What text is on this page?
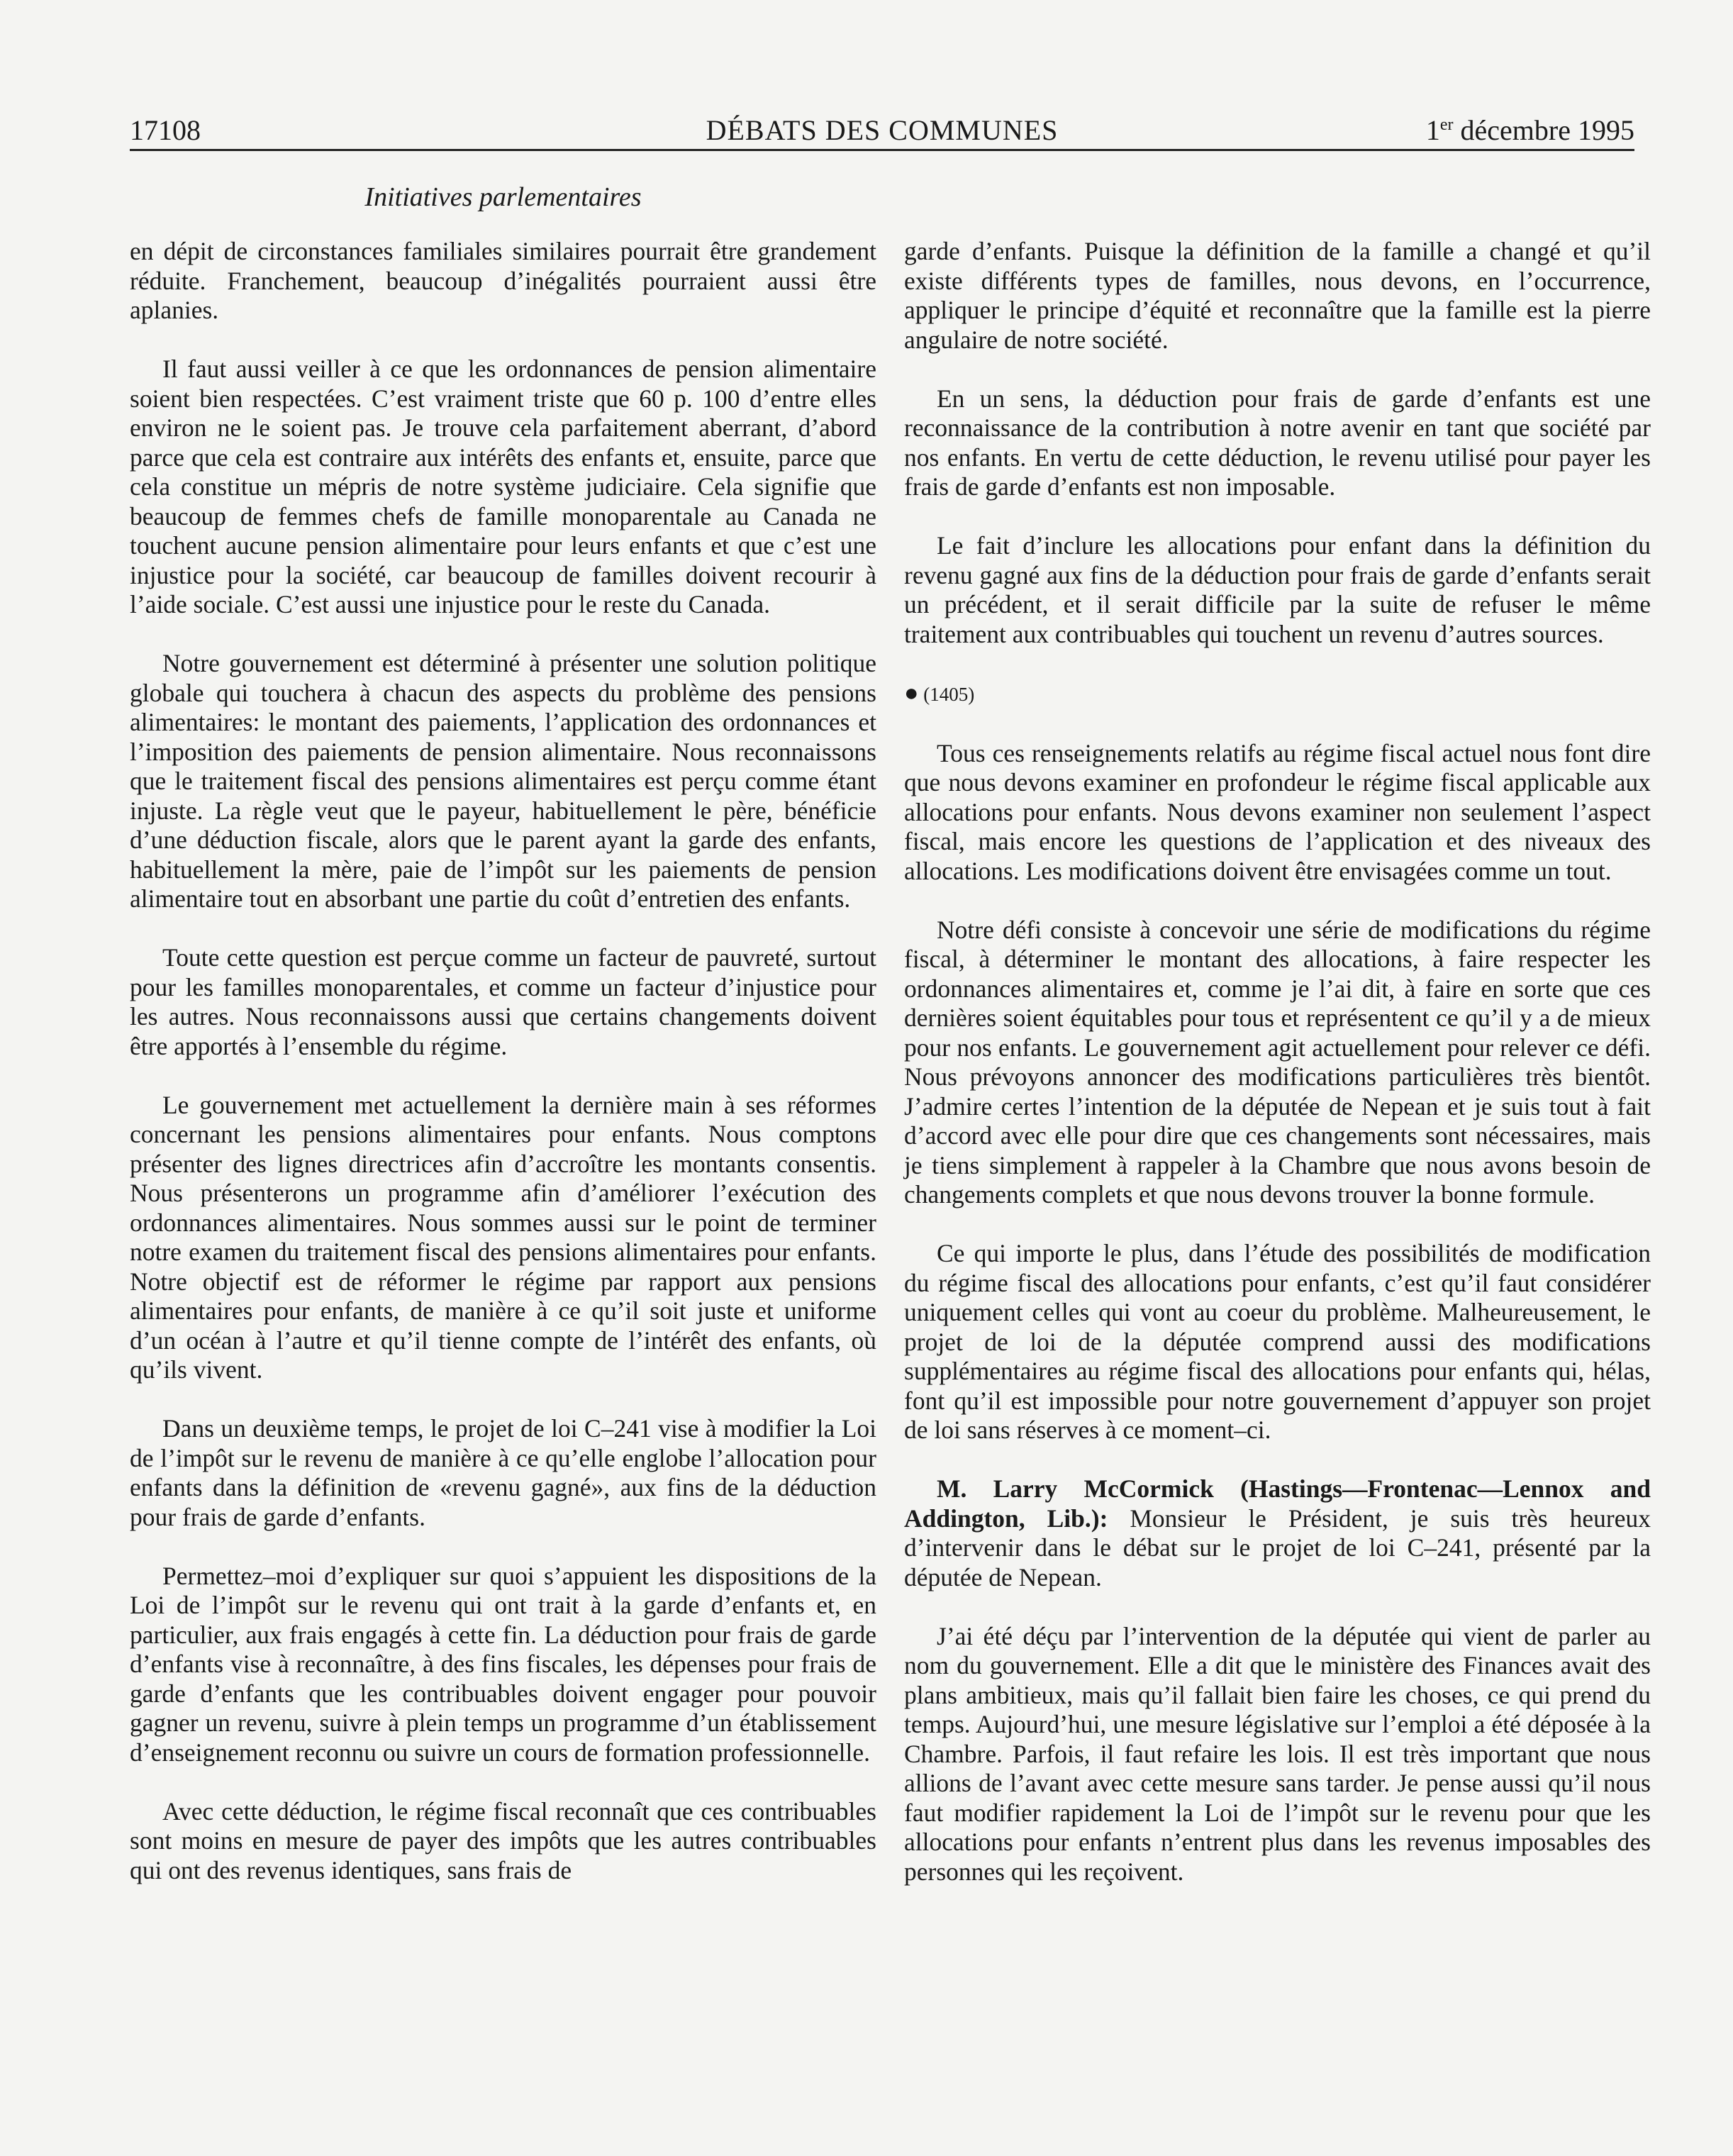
17108	DÉBATS DES COMMUNES	1er décembre 1995
Initiatives parlementaires

en dépit de circonstances familiales similaires pourrait être grandement réduite. Franchement, beaucoup d’inégalités pourraient aussi être aplanies.

Il faut aussi veiller à ce que les ordonnances de pension alimentaire soient bien respectées. C’est vraiment triste que 60 p. 100 d’entre elles environ ne le soient pas. Je trouve cela parfaitement aberrant, d’abord parce que cela est contraire aux intérêts des enfants et, ensuite, parce que cela constitue un mépris de notre système judiciaire. Cela signifie que beaucoup de femmes chefs de famille monoparentale au Canada ne touchent aucune pension alimentaire pour leurs enfants et que c’est une injustice pour la société, car beaucoup de familles doivent recourir à l’aide sociale. C’est aussi une injustice pour le reste du Canada.

Notre gouvernement est déterminé à présenter une solution politique globale qui touchera à chacun des aspects du problème des pensions alimentaires: le montant des paiements, l’application des ordonnances et l’imposition des paiements de pension alimentaire. Nous reconnaissons que le traitement fiscal des pensions alimentaires est perçu comme étant injuste. La règle veut que le payeur, habituellement le père, bénéficie d’une déduction fiscale, alors que le parent ayant la garde des enfants, habituellement la mère, paie de l’impôt sur les paiements de pension alimentaire tout en absorbant une partie du coût d’entretien des enfants.

Toute cette question est perçue comme un facteur de pauvreté, surtout pour les familles monoparentales, et comme un facteur d’injustice pour les autres. Nous reconnaissons aussi que certains changements doivent être apportés à l’ensemble du régime.

Le gouvernement met actuellement la dernière main à ses réformes concernant les pensions alimentaires pour enfants. Nous comptons présenter des lignes directrices afin d’accroître les montants consentis. Nous présenterons un programme afin d’améliorer l’exécution des ordonnances alimentaires. Nous sommes aussi sur le point de terminer notre examen du traitement fiscal des pensions alimentaires pour enfants. Notre objectif est de réformer le régime par rapport aux pensions alimentaires pour enfants, de manière à ce qu’il soit juste et uniforme d’un océan à l’autre et qu’il tienne compte de l’intérêt des enfants, où qu’ils vivent.

Dans un deuxième temps, le projet de loi C–241 vise à modifier la Loi de l’impôt sur le revenu de manière à ce qu’elle englobe l’allocation pour enfants dans la définition de «revenu gagné», aux fins de la déduction pour frais de garde d’enfants.

Permettez–moi d’expliquer sur quoi s’appuient les dispositions de la Loi de l’impôt sur le revenu qui ont trait à la garde d’enfants et, en particulier, aux frais engagés à cette fin. La déduction pour frais de garde d’enfants vise à reconnaître, à des fins fiscales, les dépenses pour frais de garde d’enfants que les contribuables doivent engager pour pouvoir gagner un revenu, suivre à plein temps un programme d’un établissement d’enseignement reconnu ou suivre un cours de formation professionnelle.

Avec cette déduction, le régime fiscal reconnaît que ces contribuables sont moins en mesure de payer des impôts que les autres contribuables qui ont des revenus identiques, sans frais de

garde d’enfants. Puisque la définition de la famille a changé et qu’il existe différents types de familles, nous devons, en l’occurrence, appliquer le principe d’équité et reconnaître que la famille est la pierre angulaire de notre société.

En un sens, la déduction pour frais de garde d’enfants est une reconnaissance de la contribution à notre avenir en tant que société par nos enfants. En vertu de cette déduction, le revenu utilisé pour payer les frais de garde d’enfants est non imposable.

Le fait d’inclure les allocations pour enfant dans la définition du revenu gagné aux fins de la déduction pour frais de garde d’enfants serait un précédent, et il serait difficile par la suite de refuser le même traitement aux contribuables qui touchent un revenu d’autres sources.

● (1405)

Tous ces renseignements relatifs au régime fiscal actuel nous font dire que nous devons examiner en profondeur le régime fiscal applicable aux allocations pour enfants. Nous devons examiner non seulement l’aspect fiscal, mais encore les questions de l’application et des niveaux des allocations. Les modifications doivent être envisagées comme un tout.

Notre défi consiste à concevoir une série de modifications du régime fiscal, à déterminer le montant des allocations, à faire respecter les ordonnances alimentaires et, comme je l’ai dit, à faire en sorte que ces dernières soient équitables pour tous et représentent ce qu’il y a de mieux pour nos enfants. Le gouvernement agit actuellement pour relever ce défi. Nous prévoyons annoncer des modifications particulières très bientôt. J’admire certes l’intention de la députée de Nepean et je suis tout à fait d’accord avec elle pour dire que ces changements sont nécessaires, mais je tiens simplement à rappeler à la Chambre que nous avons besoin de changements complets et que nous devons trouver la bonne formule.

Ce qui importe le plus, dans l’étude des possibilités de modification du régime fiscal des allocations pour enfants, c’est qu’il faut considérer uniquement celles qui vont au coeur du problème. Malheureusement, le projet de loi de la députée comprend aussi des modifications supplémentaires au régime fiscal des allocations pour enfants qui, hélas, font qu’il est impossible pour notre gouvernement d’appuyer son projet de loi sans réserves à ce moment–ci.

M. Larry McCormick (Hastings—Frontenac—Lennox and Addington, Lib.): Monsieur le Président, je suis très heureux d’intervenir dans le débat sur le projet de loi C–241, présenté par la députée de Nepean.

J’ai été déçu par l’intervention de la députée qui vient de parler au nom du gouvernement. Elle a dit que le ministère des Finances avait des plans ambitieux, mais qu’il fallait bien faire les choses, ce qui prend du temps. Aujourd’hui, une mesure législative sur l’emploi a été déposée à la Chambre. Parfois, il faut refaire les lois. Il est très important que nous allions de l’avant avec cette mesure sans tarder. Je pense aussi qu’il nous faut modifier rapidement la Loi de l’impôt sur le revenu pour que les allocations pour enfants n’entrent plus dans les revenus imposables des personnes qui les reçoivent.
